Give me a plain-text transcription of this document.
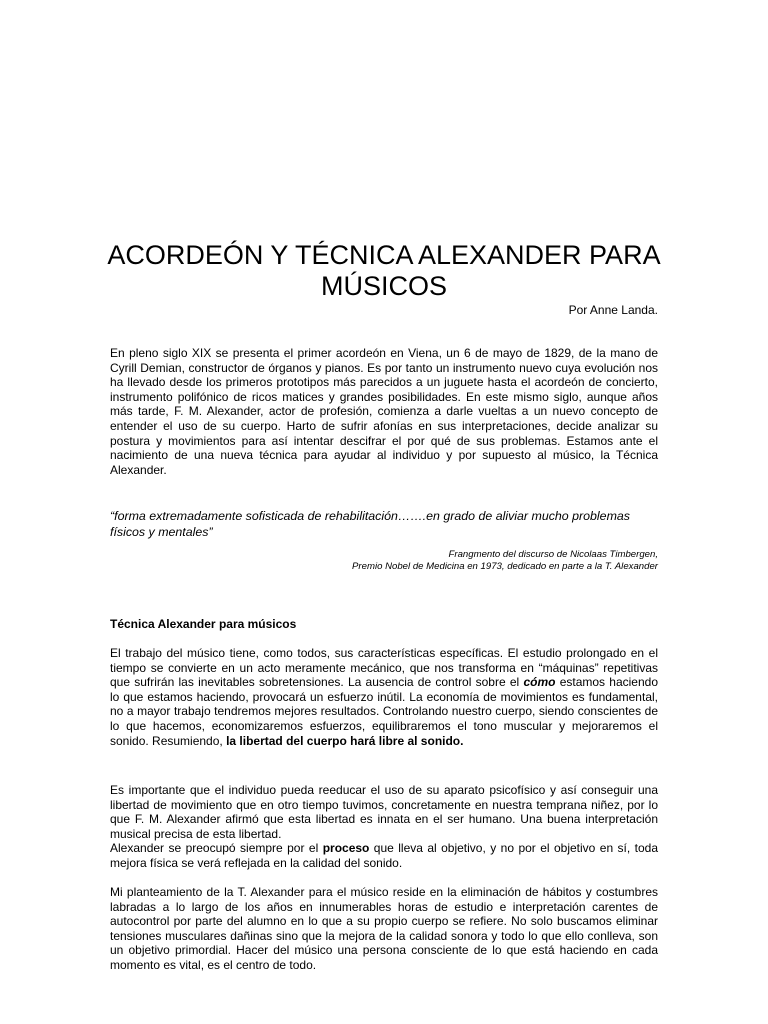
ACORDEÓN Y TÉCNICA ALEXANDER PARA MÚSICOS
Por Anne Landa.

En pleno siglo XIX se presenta el primer acordeón en Viena, un 6 de mayo de 1829, de la mano de Cyrill Demian, constructor de órganos y pianos. Es por tanto un instrumento nuevo cuya evolución nos ha llevado desde los primeros prototipos más parecidos a un juguete hasta el acordeón de concierto, instrumento polifónico de ricos matices y grandes posibilidades. En este mismo siglo, aunque años más tarde, F. M. Alexander, actor de profesión, comienza a darle vueltas a un nuevo concepto de entender el uso de su cuerpo. Harto de sufrir afonías en sus interpretaciones, decide analizar su postura y movimientos para así intentar descifrar el por qué de sus problemas. Estamos ante el nacimiento de una nueva técnica para ayudar al individuo y por supuesto al músico, la Técnica Alexander.

“forma extremadamente sofisticada de rehabilitación…….en grado de aliviar mucho problemas físicos y mentales”

Frangmento del discurso de Nicolaas Timbergen,
Premio Nobel de Medicina en 1973, dedicado en parte a la T. Alexander
Técnica Alexander para músicos

El trabajo del músico tiene, como todos, sus características específicas. El estudio prolongado en el tiempo se convierte en un acto meramente mecánico, que nos transforma en “máquinas” repetitivas que sufrirán las inevitables sobretensiones. La ausencia de control sobre el cómo estamos haciendo lo que estamos haciendo, provocará un esfuerzo inútil. La economía de movimientos es fundamental, no a mayor trabajo tendremos mejores resultados. Controlando nuestro cuerpo, siendo conscientes de lo que hacemos, economizaremos esfuerzos, equilibraremos el tono muscular y mejoraremos el sonido. Resumiendo, la libertad del cuerpo hará libre al sonido.

Es importante que el individuo pueda reeducar el uso de su aparato psicofísico y así conseguir una libertad de movimiento que en otro tiempo tuvimos, concretamente en nuestra temprana niñez, por lo que F. M. Alexander afirmó que esta libertad es innata en el ser humano. Una buena interpretación musical precisa de esta libertad.
Alexander se preocupó siempre por el proceso que lleva al objetivo, y no por el objetivo en sí, toda mejora física se verá reflejada en la calidad del sonido.

Mi planteamiento de la T. Alexander para el músico reside en la eliminación de hábitos y costumbres labradas a lo largo de los años en innumerables horas de estudio e interpretación carentes de autocontrol por parte del alumno en lo que a su propio cuerpo se refiere. No solo buscamos eliminar tensiones musculares dañinas sino que la mejora de la calidad sonora y todo lo que ello conlleva, son un objetivo primordial. Hacer del músico una persona consciente de lo que está haciendo en cada momento es vital, es el centro de todo.
